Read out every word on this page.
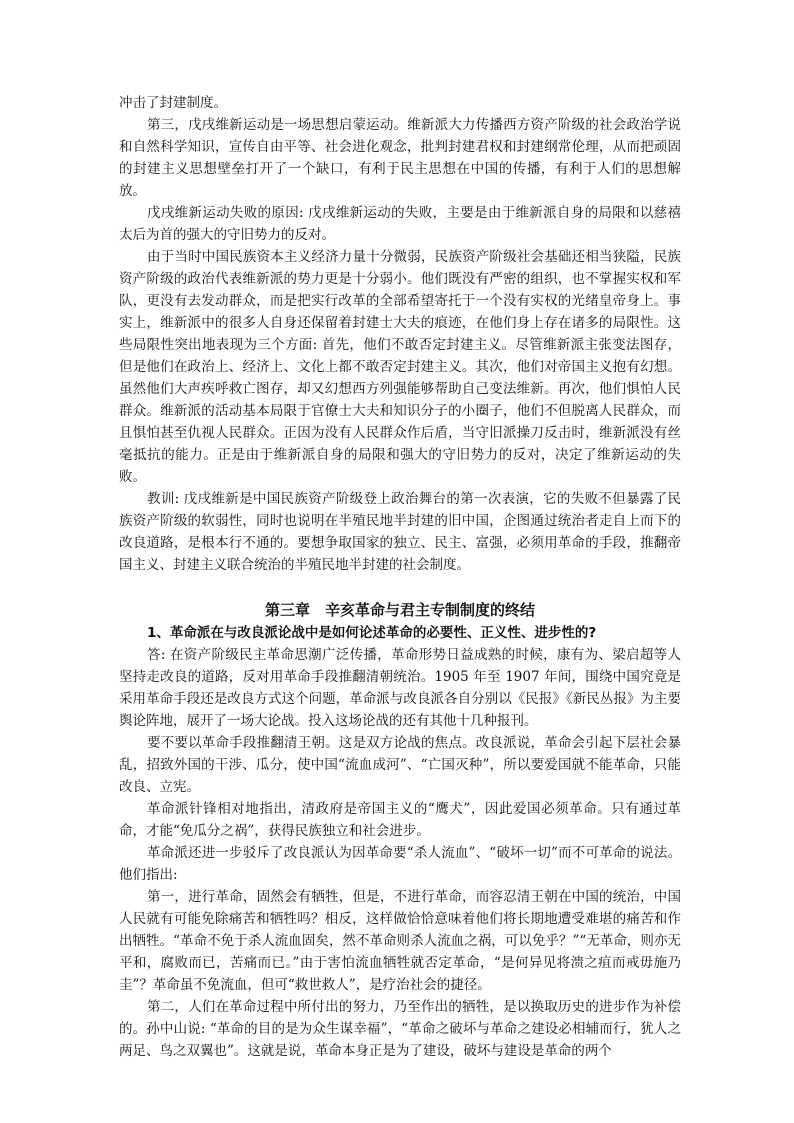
冲击了封建制度。

第三，戊戌维新运动是一场思想启蒙运动。维新派大力传播西方资产阶级的社会政治学说和自然科学知识，宣传自由平等、社会进化观念，批判封建君权和封建纲常伦理，从而把顽固的封建主义思想壁垒打开了一个缺口，有利于民主思想在中国的传播，有利于人们的思想解放。

戊戌维新运动失败的原因: 戊戌维新运动的失败，主要是由于维新派自身的局限和以慈禧太后为首的强大的守旧势力的反对。

由于当时中国民族资本主义经济力量十分微弱，民族资产阶级社会基础还相当狭隘，民族资产阶级的政治代表维新派的势力更是十分弱小。他们既没有严密的组织，也不掌握实权和军队，更没有去发动群众，而是把实行改革的全部希望寄托于一个没有实权的光绪皇帝身上。事实上，维新派中的很多人自身还保留着封建士大夫的痕迹，在他们身上存在诸多的局限性。这些局限性突出地表现为三个方面: 首先，他们不敢否定封建主义。尽管维新派主张变法图存，但是他们在政治上、经济上、文化上都不敢否定封建主义。其次，他们对帝国主义抱有幻想。虽然他们大声疾呼救亡图存，却又幻想西方列强能够帮助自己变法维新。再次，他们惧怕人民群众。维新派的活动基本局限于官僚士大夫和知识分子的小圈子，他们不但脱离人民群众，而且惧怕甚至仇视人民群众。正因为没有人民群众作后盾，当守旧派操刀反击时，维新派没有丝毫抵抗的能力。正是由于维新派自身的局限和强大的守旧势力的反对，决定了维新运动的失败。

教训: 戊戌维新是中国民族资产阶级登上政治舞台的第一次表演，它的失败不但暴露了民族资产阶级的软弱性，同时也说明在半殖民地半封建的旧中国，企图通过统治者走自上而下的改良道路，是根本行不通的。要想争取国家的独立、民主、富强，必须用革命的手段，推翻帝国主义、封建主义联合统治的半殖民地半封建的社会制度。

第三章　辛亥革命与君主专制制度的终结

1、革命派在与改良派论战中是如何论述革命的必要性、正义性、进步性的?

答: 在资产阶级民主革命思潮广泛传播，革命形势日益成熟的时候，康有为、梁启超等人坚持走改良的道路，反对用革命手段推翻清朝统治。1905 年至 1907 年间，围绕中国究竟是采用革命手段还是改良方式这个问题，革命派与改良派各自分别以《民报》《新民丛报》为主要舆论阵地，展开了一场大论战。投入这场论战的还有其他十几种报刊。

要不要以革命手段推翻清王朝。这是双方论战的焦点。改良派说，革命会引起下层社会暴乱，招致外国的干涉、瓜分，使中国“流血成河”、“亡国灭种”，所以要爱国就不能革命，只能改良、立宪。

革命派针锋相对地指出，清政府是帝国主义的“鹰犬”，因此爱国必须革命。只有通过革命，才能“免瓜分之祸”，获得民族独立和社会进步。

革命派还进一步驳斥了改良派认为因革命要“杀人流血”、“破坏一切”而不可革命的说法。他们指出:

第一，进行革命，固然会有牺牲，但是，不进行革命，而容忍清王朝在中国的统治，中国人民就有可能免除痛苦和牺牲吗？相反，这样做恰恰意味着他们将长期地遭受难堪的痛苦和作出牺牲。“革命不免于杀人流血固矣，然不革命则杀人流血之祸，可以免乎？”“无革命，则亦无平和，腐败而已，苦痛而已。”由于害怕流血牺牲就否定革命，“是何异见将溃之疽而戒毋施乃圭”？革命虽不免流血，但可“救世救人”，是疗治社会的捷径。

第二，人们在革命过程中所付出的努力，乃至作出的牺牲，是以换取历史的进步作为补偿的。孙中山说: “革命的目的是为众生谋幸福”，“革命之破坏与革命之建设必相辅而行，犹人之两足、鸟之双翼也”。这就是说，革命本身正是为了建设，破坏与建设是革命的两个
